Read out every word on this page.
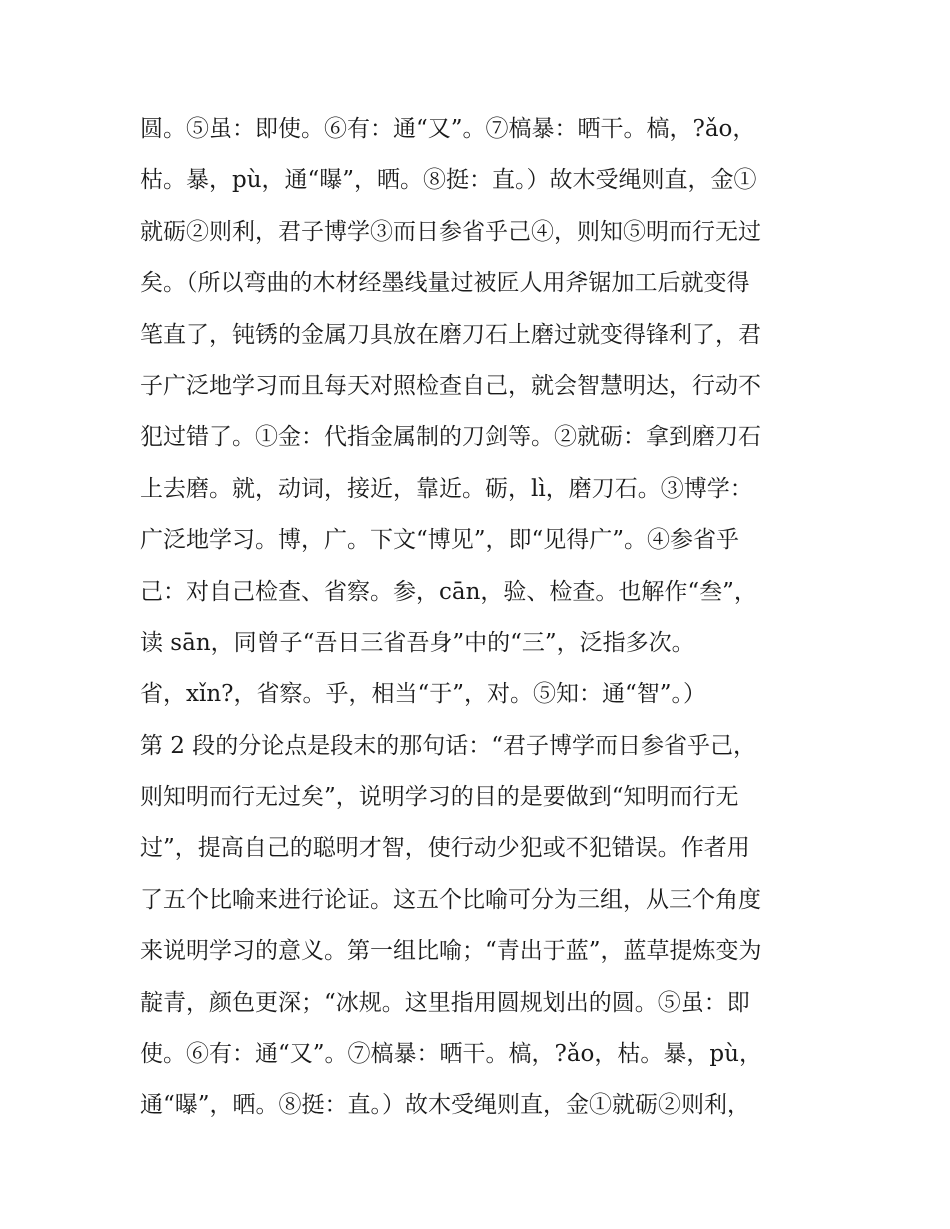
圆。⑤虽：即使。⑥有：通“又”。⑦槁暴：晒干。槁，?ǎo，
枯。暴，pù，通“曝”，晒。⑧挺：直。）故木受绳则直，金①
就砺②则利，君子博学③而日参省乎己④，则知⑤明而行无过
矣。（所以弯曲的木材经墨线量过被匠人用斧锯加工后就变得
笔直了，钝锈的金属刀具放在磨刀石上磨过就变得锋利了，君
子广泛地学习而且每天对照检查自己，就会智慧明达，行动不
犯过错了。①金：代指金属制的刀剑等。②就砺：拿到磨刀石
上去磨。就，动词，接近，靠近。砺，lì，磨刀石。③博学：
广泛地学习。博，广。下文“博见”，即“见得广”。④参省乎
己：对自己检查、省察。参，cān，验、检查。也解作“叁”，
读 sān，同曾子“吾日三省吾身”中的“三”，泛指多次。
省，xǐn?，省察。乎，相当“于”，对。⑤知：通“智”。）
第 2 段的分论点是段末的那句话：“君子博学而日参省乎己，
则知明而行无过矣”，说明学习的目的是要做到“知明而行无
过”，提高自己的聪明才智，使行动少犯或不犯错误。作者用
了五个比喻来进行论证。这五个比喻可分为三组，从三个角度
来说明学习的意义。第一组比喻；“青出于蓝”，蓝草提炼变为
靛青，颜色更深；“冰规。这里指用圆规划出的圆。⑤虽：即
使。⑥有：通“又”。⑦槁暴：晒干。槁，?ǎo，枯。暴，pù，
通“曝”，晒。⑧挺：直。）故木受绳则直，金①就砺②则利，
